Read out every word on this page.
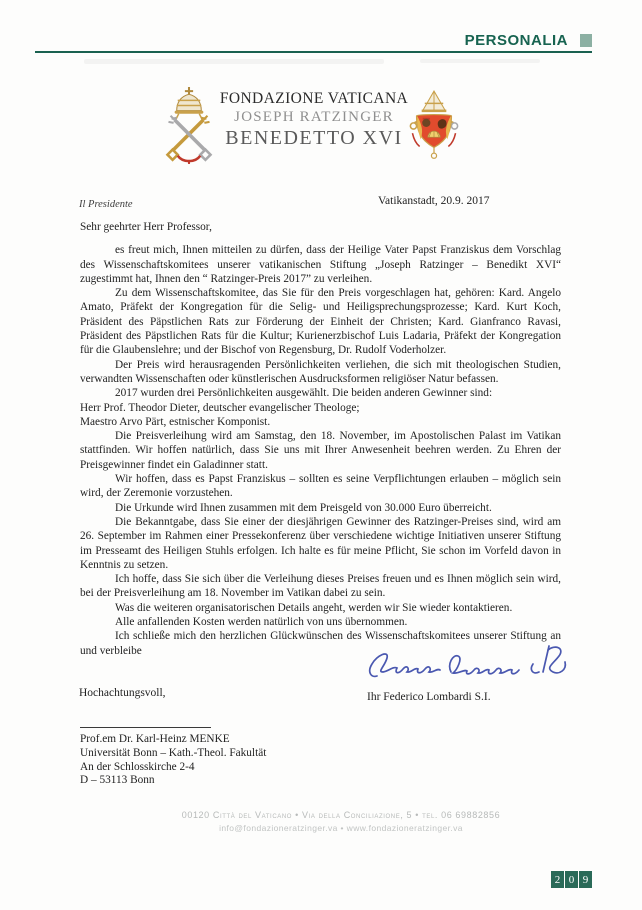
PERSONALIA
FONDAZIONE VATICANA
JOSEPH RATZINGER
BENEDETTO XVI
Il Presidente	Vatikanstadt, 20.9. 2017

Sehr geehrter Herr Professor,

es freut mich, Ihnen mitteilen zu dürfen, dass der Heilige Vater Papst Franziskus dem Vorschlag des Wissenschaftskomitees unserer vatikanischen Stiftung „Joseph Ratzinger – Benedikt XVI“ zugestimmt hat, Ihnen den “ Ratzinger-Preis 2017” zu verleihen.

Zu dem Wissenschaftskomitee, das Sie für den Preis vorgeschlagen hat, gehören: Kard. Angelo Amato, Präfekt der Kongregation für die Selig- und Heiligsprechungsprozesse; Kard. Kurt Koch, Präsident des Päpstlichen Rats zur Förderung der Einheit der Christen; Kard. Gianfranco Ravasi, Präsident des Päpstlichen Rats für die Kultur; Kurienerzbischof Luis Ladaria, Präfekt der Kongregation für die Glaubenslehre; und der Bischof von Regensburg, Dr. Rudolf Voderholzer.

Der Preis wird herausragenden Persönlichkeiten verliehen, die sich mit theologischen Studien, verwandten Wissenschaften oder künstlerischen Ausdrucksformen religiöser Natur befassen.

2017 wurden drei Persönlichkeiten ausgewählt. Die beiden anderen Gewinner sind:

Herr Prof. Theodor Dieter, deutscher evangelischer Theologe;

Maestro Arvo Pärt, estnischer Komponist.

Die Preisverleihung wird am Samstag, den 18. November, im Apostolischen Palast im Vatikan stattfinden. Wir hoffen natürlich, dass Sie uns mit Ihrer Anwesenheit beehren werden. Zu Ehren der Preisgewinner findet ein Galadinner statt.

Wir hoffen, dass es Papst Franziskus – sollten es seine Verpflichtungen erlauben – möglich sein wird, der Zeremonie vorzustehen.

Die Urkunde wird Ihnen zusammen mit dem Preisgeld von 30.000 Euro überreicht.

Die Bekanntgabe, dass Sie einer der diesjährigen Gewinner des Ratzinger-Preises sind, wird am 26. September im Rahmen einer Pressekonferenz über verschiedene wichtige Initiativen unserer Stiftung im Presseamt des Heiligen Stuhls erfolgen. Ich halte es für meine Pflicht, Sie schon im Vorfeld davon in Kenntnis zu setzen.

Ich hoffe, dass Sie sich über die Verleihung dieses Preises freuen und es Ihnen möglich sein wird, bei der Preisverleihung am 18. November im Vatikan dabei zu sein.

Was die weiteren organisatorischen Details angeht, werden wir Sie wieder kontaktieren.

Alle anfallenden Kosten werden natürlich von uns übernommen.

Ich schließe mich den herzlichen Glückwünschen des Wissenschaftskomitees unserer Stiftung an und verbleibe

Hochachtungsvoll,	Ihr Federico Lombardi S.I.
Prof.em Dr. Karl-Heinz MENKE
Universität Bonn – Kath.-Theol. Fakultät
An der Schlosskirche 2-4
D – 53113 Bonn
00120 Città del Vaticano • Via della Conciliazione, 5 • tel. 06 69882856
info@fondazioneratzinger.va • www.fondazioneratzinger.va
2 0 9
